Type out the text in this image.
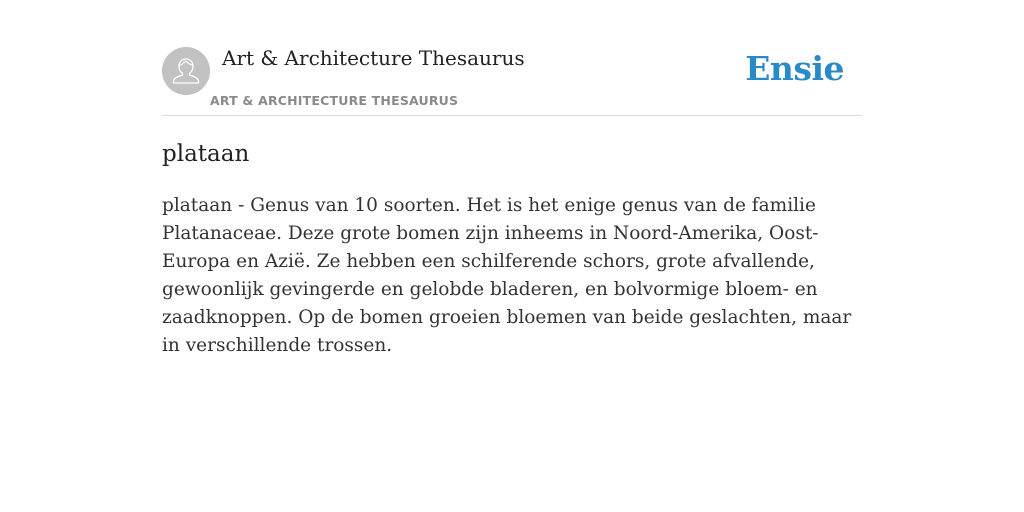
Art & Architecture Thesaurus
ART & ARCHITECTURE THESAURUS
Ensie
plataan

plataan - Genus van 10 soorten. Het is het enige genus van de familie Platanaceae. Deze grote bomen zijn inheems in Noord-Amerika, Oost-Europa en Azië. Ze hebben een schilferende schors, grote afvallende, gewoonlijk gevingerde en gelobde bladeren, en bolvormige bloem- en zaadknoppen. Op de bomen groeien bloemen van beide geslachten, maar in verschillende trossen.
